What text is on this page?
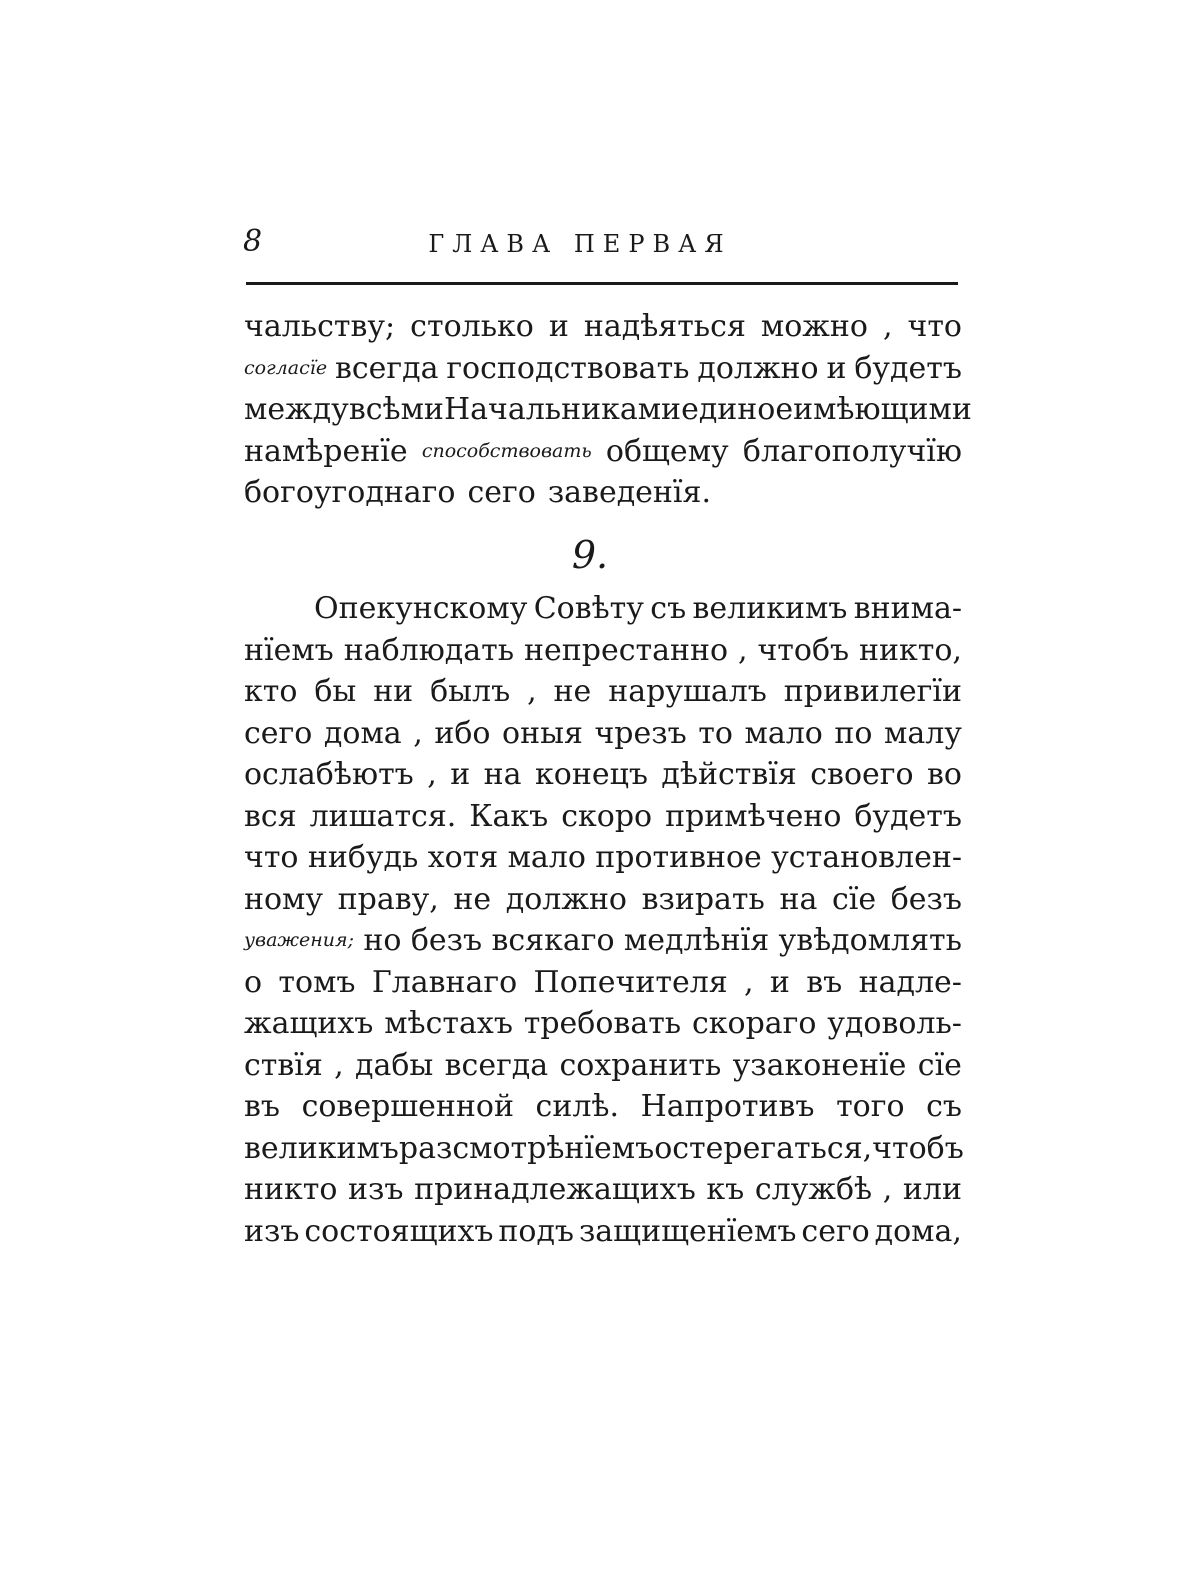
8	ГЛАВА ПЕРВАЯ
чальству; столько и надѣяться можно , что
согласїе всегда господствовать должно и будетъ
между всѣми Начальниками единое имѣющими
намѣренїе способствовать общему благополучїю
богоугоднаго сего заведенїя.
9.
Опекунскому Совѣту съ великимъ внима-
нїемъ наблюдать непрестанно , чтобъ никто,
кто бы ни былъ , не нарушалъ привилегїи
сего дома , ибо оныя чрезъ то мало по малу
ослабѣютъ , и на конецъ дѣйствїя своего во
вся лишатся. Какъ скоро примѣчено будетъ
что нибудь хотя мало противное установлен-
ному праву, не должно взирать на сїе безъ
уважения; но безъ всякаго медлѣнїя увѣдомлять
о томъ Главнаго Попечителя , и въ надле-
жащихъ мѣстахъ требовать скораго удоволь-
ствїя , дабы всегда сохранить узаконенїе сїе
въ совершенной силѣ. Напротивъ того съ
великимъ разсмотрѣнїемъ остерегаться, чтобъ
никто изъ принадлежащихъ къ службѣ , или
изъ состоящихъ подъ защищенїемъ сего дома,
